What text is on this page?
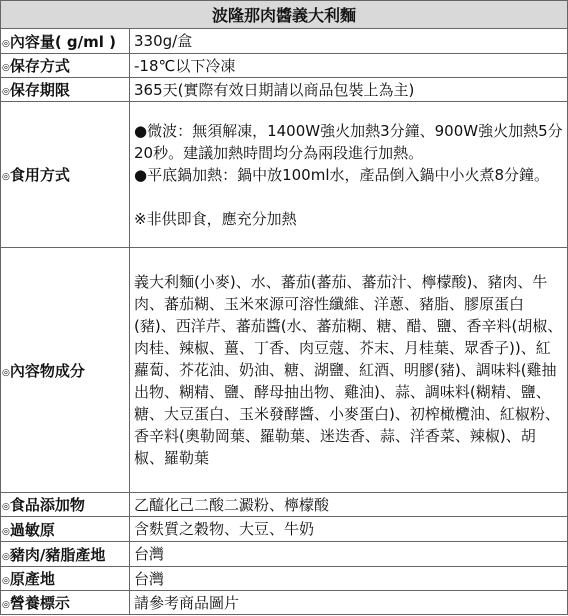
波隆那肉醬義大利麵	
◎內容量( g/ml )	330g/盒

◎保存方式	-18℃以下冷凍

◎保存期限	365天(實際有效日期請以商品包裝上為主)

◎食用方式	●微波：無須解凍，1400W強火加熱3分鐘、900W強火加熱5分20秒。建議加熱時間均分為兩段進行加熱。

●平底鍋加熱：鍋中放100ml水，產品倒入鍋中小火煮8分鐘。

※非供即食，應充分加熱

◎內容物成分	義大利麵(小麥)、水、蕃茄(蕃茄、蕃茄汁、檸檬酸)、豬肉、牛肉、蕃茄糊、玉米來源可溶性纖維、洋蔥、豬脂、膠原蛋白(豬)、西洋芹、蕃茄醬(水、蕃茄糊、糖、醋、鹽、香辛料(胡椒、肉桂、辣椒、薑、丁香、肉豆蔻、芥末、月桂葉、眾香子))、紅蘿蔔、芥花油、奶油、糖、湖鹽、紅酒、明膠(豬)、調味料(雞抽出物、糊精、鹽、酵母抽出物、雞油)、蒜、調味料(糊精、鹽、糖、大豆蛋白、玉米發酵醬、小麥蛋白)、初榨橄欖油、紅椒粉、香辛料(奧勒岡葉、羅勒葉、迷迭香、蒜、洋香菜、辣椒)、胡椒、羅勒葉

◎食品添加物	乙醯化己二酸二澱粉、檸檬酸

◎過敏原	含麩質之穀物、大豆、牛奶

◎豬肉/豬脂產地	台灣

◎原產地	台灣

◎營養標示	請參考商品圖片
